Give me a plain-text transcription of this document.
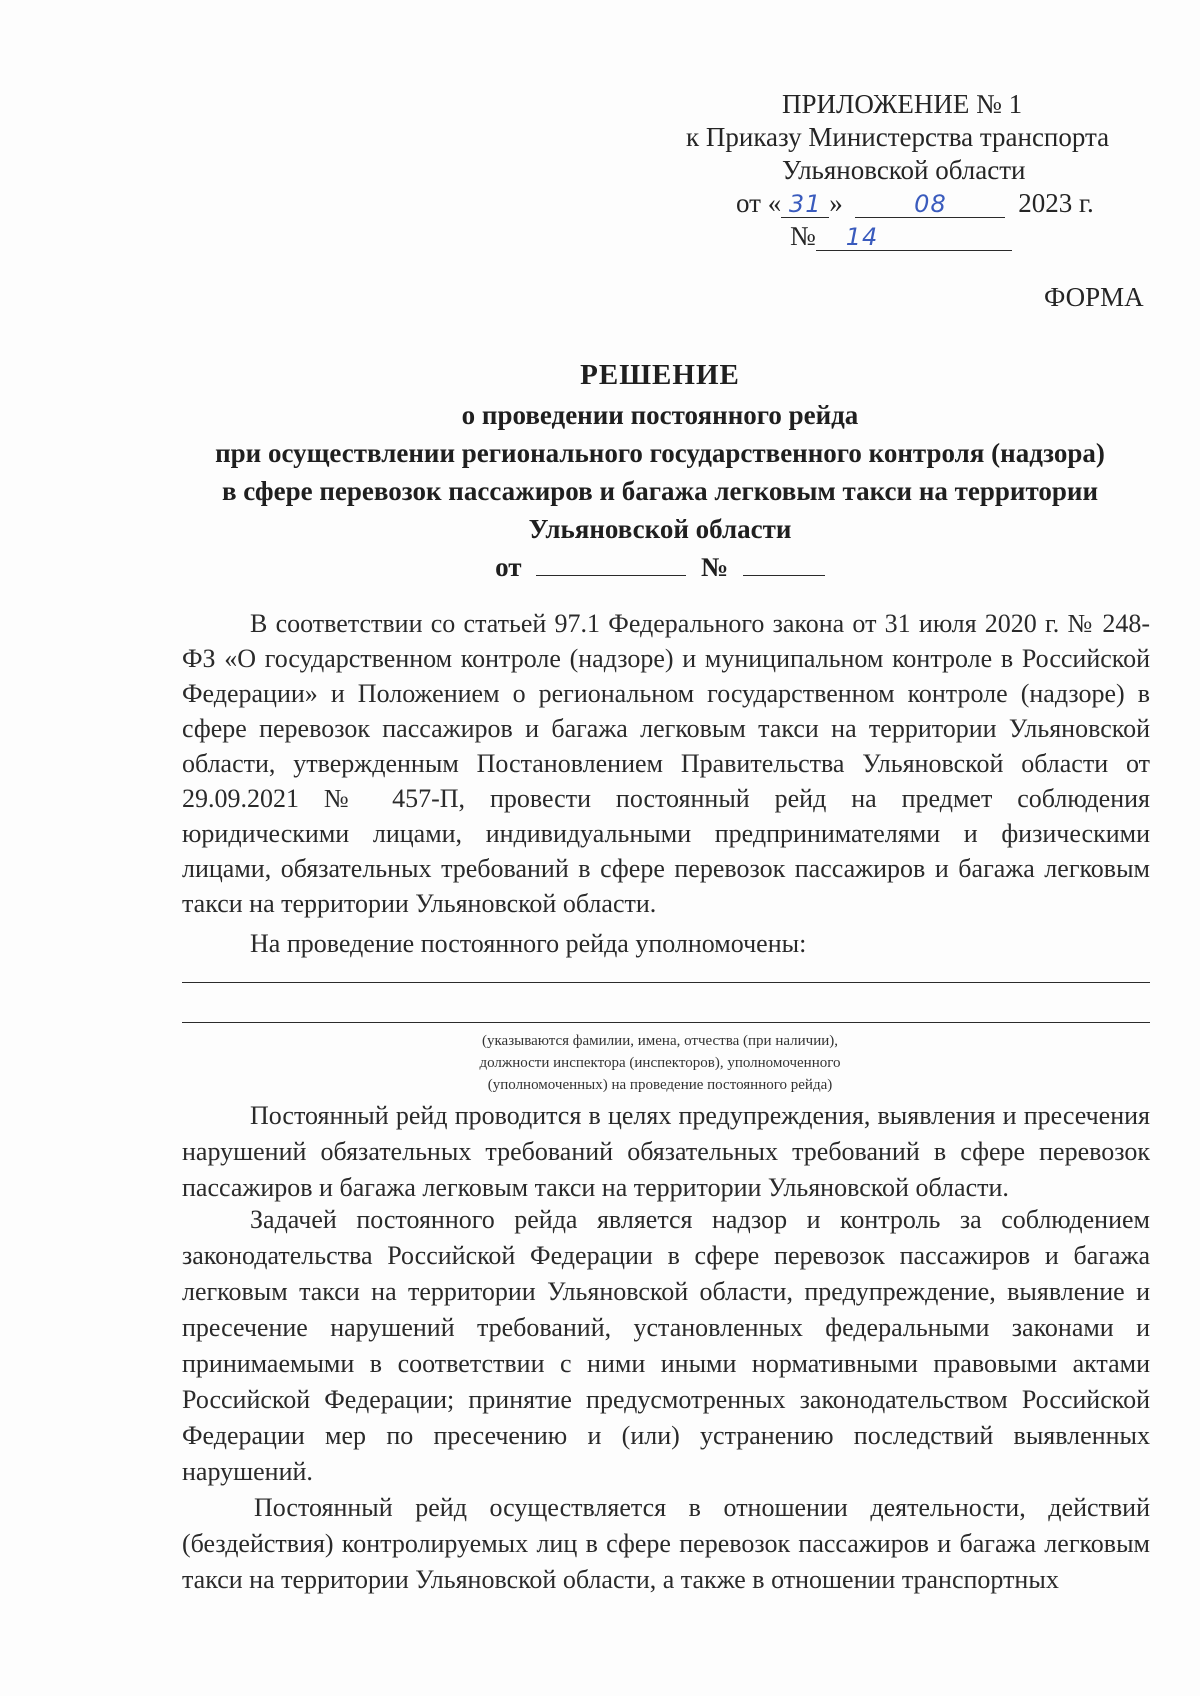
ПРИЛОЖЕНИЕ № 1
к Приказу Министерства транспорта
Ульяновской области
от « 31 »	08	2023 г.
№ 14
ФОРМА
РЕШЕНИЕ
о проведении постоянного рейда
при осуществлении регионального государственного контроля (надзора)
в сфере перевозок пассажиров и багажа легковым такси на территории
Ульяновской области
от	№
В соответствии со статьей 97.1 Федерального закона от 31 июля 2020 г. № 248-ФЗ «О государственном контроле (надзоре) и муниципальном контроле в Российской Федерации» и Положением о региональном государственном контроле (надзоре) в сфере перевозок пассажиров и багажа легковым такси на территории Ульяновской области, утвержденным Постановлением Правительства Ульяновской области от 29.09.2021 № 457-П, провести постоянный рейд на предмет соблюдения юридическими лицами, индивидуальными предпринимателями и физическими лицами, обязательных требований в сфере перевозок пассажиров и багажа легковым такси на территории Ульяновской области.
На проведение постоянного рейда уполномочены:
(указываются фамилии, имена, отчества (при наличии),
должности инспектора (инспекторов), уполномоченного
(уполномоченных) на проведение постоянного рейда)
Постоянный рейд проводится в целях предупреждения, выявления и пресечения нарушений обязательных требований обязательных требований в сфере перевозок пассажиров и багажа легковым такси на территории Ульяновской области.
Задачей постоянного рейда является надзор и контроль за соблюдением законодательства Российской Федерации в сфере перевозок пассажиров и багажа легковым такси на территории Ульяновской области, предупреждение, выявление и пресечение нарушений требований, установленных федеральными законами и принимаемыми в соответствии с ними иными нормативными правовыми актами Российской Федерации; принятие предусмотренных законодательством Российской Федерации мер по пресечению и (или) устранению последствий выявленных нарушений.
Постоянный рейд осуществляется в отношении деятельности, действий (бездействия) контролируемых лиц в сфере перевозок пассажиров и багажа легковым такси на территории Ульяновской области, а также в отношении транспортных
